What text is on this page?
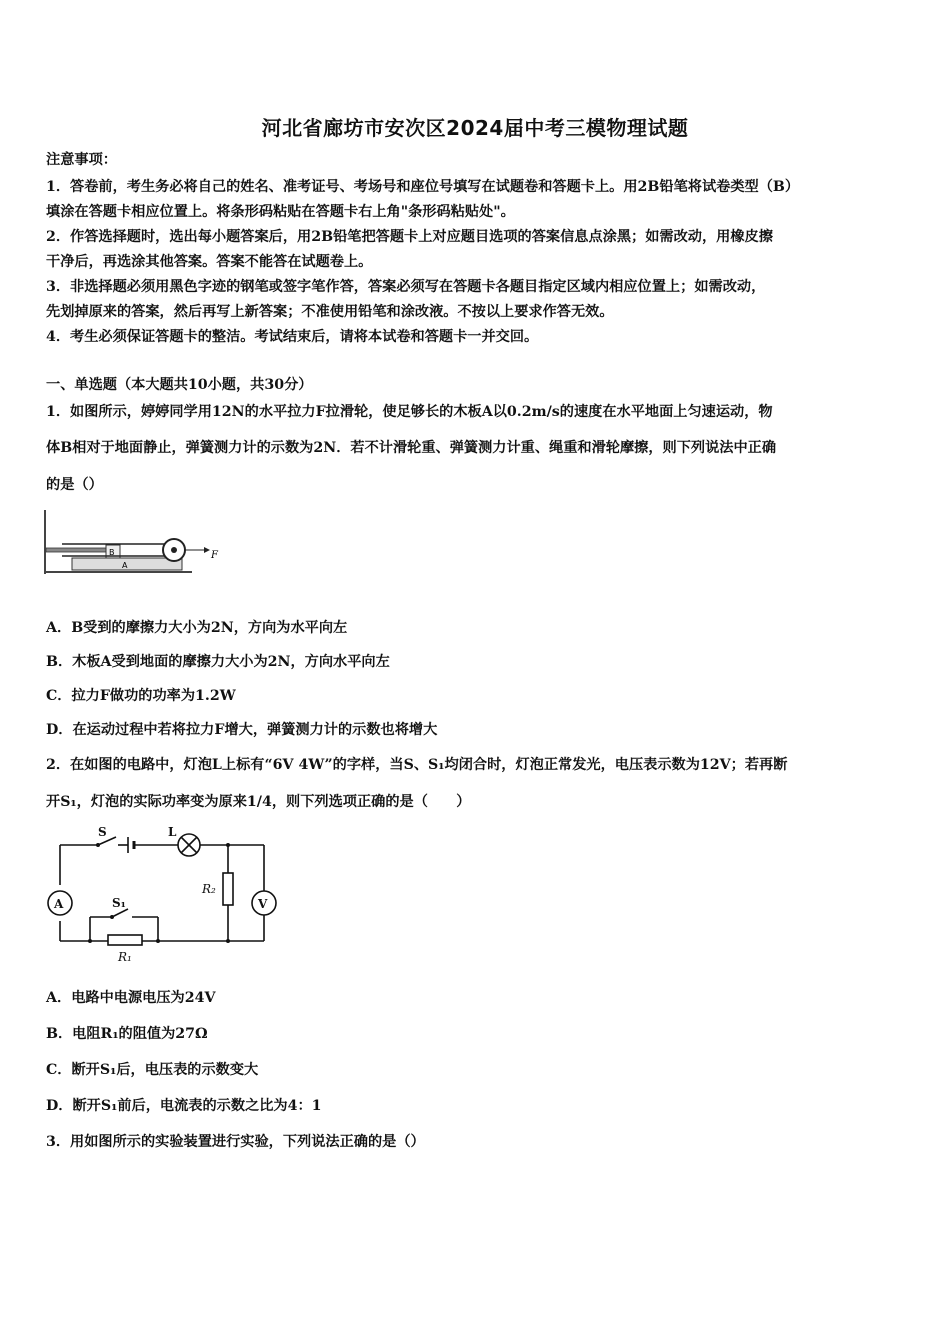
河北省廊坊市安次区2024届中考三模物理试题
注意事项：
1．答卷前，考生务必将自己的姓名、准考证号、考场号和座位号填写在试题卷和答题卡上。用2B铅笔将试卷类型（B）
填涂在答题卡相应位置上。将条形码粘贴在答题卡右上角"条形码粘贴处"。
2．作答选择题时，选出每小题答案后，用2B铅笔把答题卡上对应题目选项的答案信息点涂黑；如需改动，用橡皮擦
干净后，再选涂其他答案。答案不能答在试题卷上。
3．非选择题必须用黑色字迹的钢笔或签字笔作答，答案必须写在答题卡各题目指定区域内相应位置上；如需改动，
先划掉原来的答案，然后再写上新答案；不准使用铅笔和涂改液。不按以上要求作答无效。
4．考生必须保证答题卡的整洁。考试结束后，请将本试卷和答题卡一并交回。
一、单选题（本大题共10小题，共30分）
1．如图所示，婷婷同学用12N的水平拉力F拉滑轮，使足够长的木板A以0.2m/s的速度在水平地面上匀速运动，物
体B相对于地面静止，弹簧测力计的示数为2N．若不计滑轮重、弹簧测力计重、绳重和滑轮摩擦，则下列说法中正确
的是（）
A
B	F
A．B受到的摩擦力大小为2N，方向为水平向左
B．木板A受到地面的摩擦力大小为2N，方向水平向左
C．拉力F做功的功率为1.2W
D．在运动过程中若将拉力F增大，弹簧测力计的示数也将增大
2．在如图的电路中，灯泡L上标有“6V 4W”的字样，当S、S₁均闭合时，灯泡正常发光，电压表示数为12V；若再断
开S₁，灯泡的实际功率变为原来1/4，则下列选项正确的是（　　）
A	V
S	L
S₁
R₂
R₁
A．电路中电源电压为24V
B．电阻R₁的阻值为27Ω
C．断开S₁后，电压表的示数变大
D．断开S₁前后，电流表的示数之比为4：1
3．用如图所示的实验装置进行实验，下列说法正确的是（）
